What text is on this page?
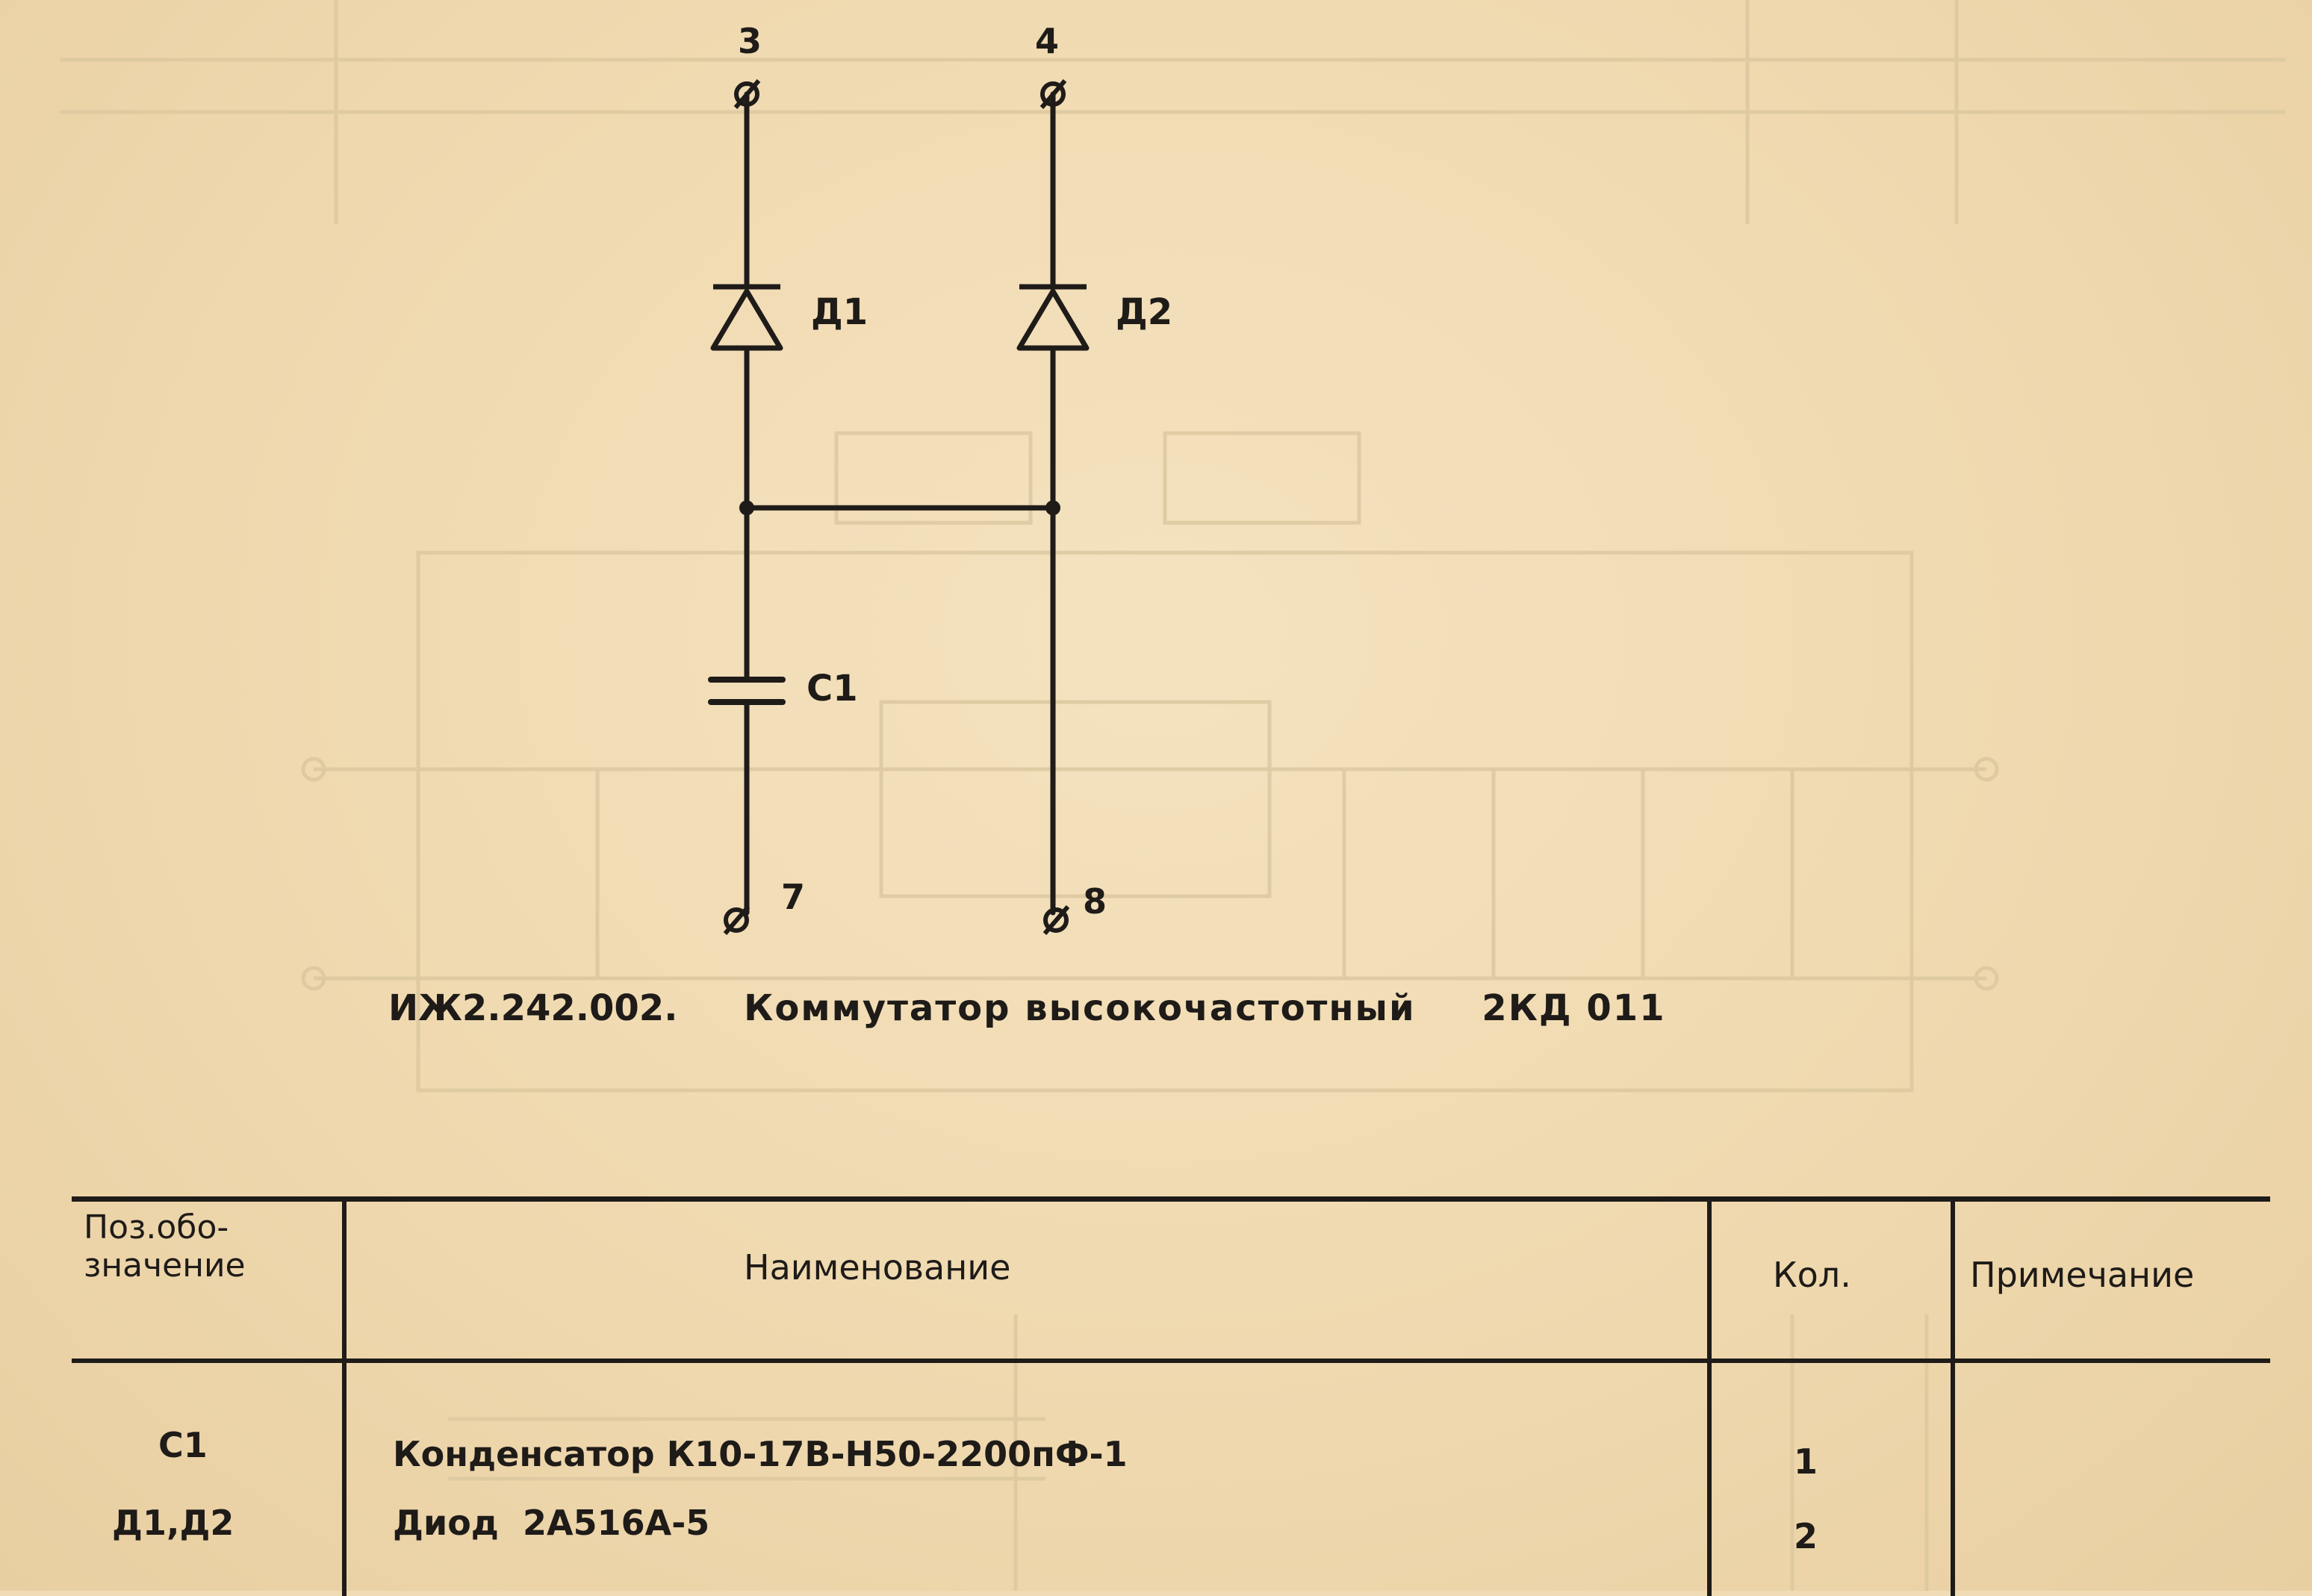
3	4
7	8
Д1	Д2
С1
ИЖ2.242.002. Коммутатор высокочастотный 2КД 011
Поз.обо-
значение	Наименование	Кол.	Примечание
С1	Конденсатор К10-17В-Н50-2200пФ-1	1
Д1,Д2	Диод  2А516А-5	2
